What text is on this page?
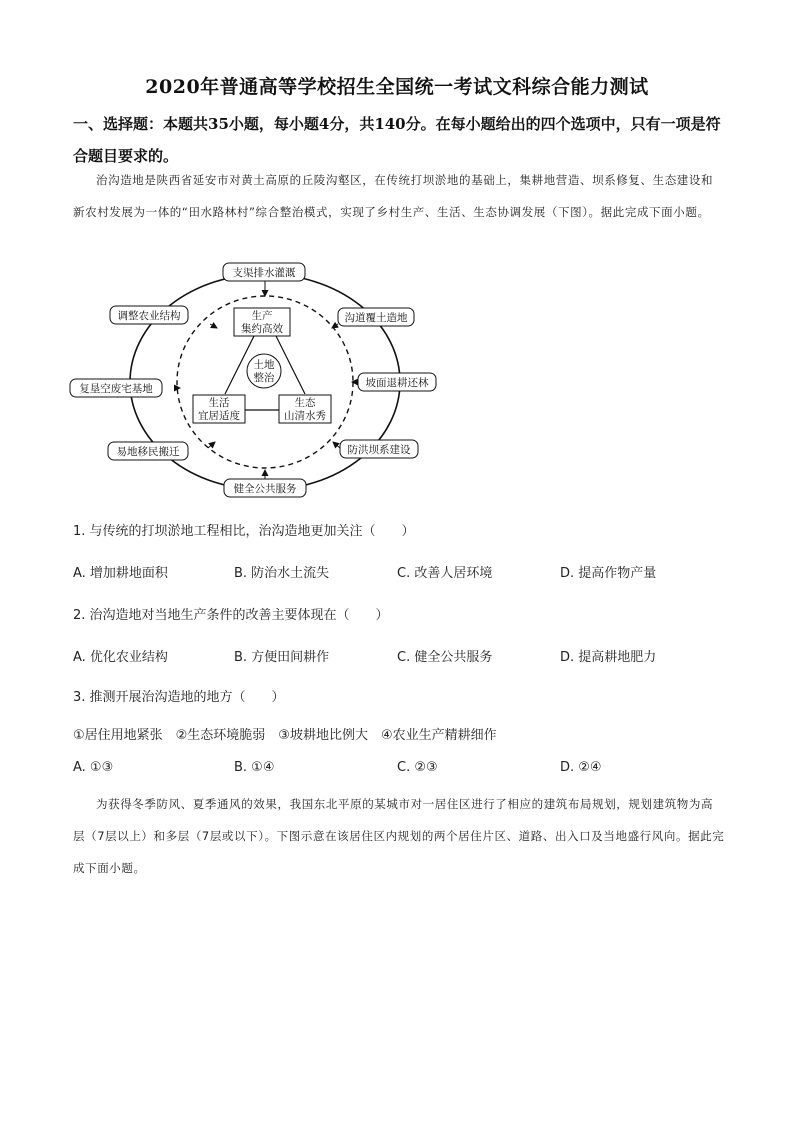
2020年普通高等学校招生全国统一考试文科综合能力测试
一、选择题：本题共35小题，每小题4分，共140分。在每小题给出的四个选项中，只有一项是符合题目要求的。
治沟造地是陕西省延安市对黄土高原的丘陵沟壑区，在传统打坝淤地的基础上，集耕地营造、坝系修复、生态建设和新农村发展为一体的“田水路林村”综合整治模式，实现了乡村生产、生活、生态协调发展（下图）。据此完成下面小题。
支渠排水灌溉
调整农业结构
复垦空废宅基地
易地移民搬迁
健全公共服务
沟道覆土造地
坡面退耕还林
防洪坝系建设
生产
集约高效
生活
宜居适度
生态
山清水秀
土地
整治
1. 与传统的打坝淤地工程相比，治沟造地更加关注（　　）
A. 增加耕地面积	B. 防治水土流失	C. 改善人居环境	D. 提高作物产量
2. 治沟造地对当地生产条件的改善主要体现在（　　）
A. 优化农业结构	B. 方便田间耕作	C. 健全公共服务	D. 提高耕地肥力
3. 推测开展治沟造地的地方（　　）
①居住用地紧张　②生态环境脆弱　③坡耕地比例大　④农业生产精耕细作
A. ①③	B. ①④	C. ②③	D. ②④
为获得冬季防风、夏季通风的效果，我国东北平原的某城市对一居住区进行了相应的建筑布局规划，规划建筑物为高层（7层以上）和多层（7层或以下）。下图示意在该居住区内规划的两个居住片区、道路、出入口及当地盛行风向。据此完成下面小题。
